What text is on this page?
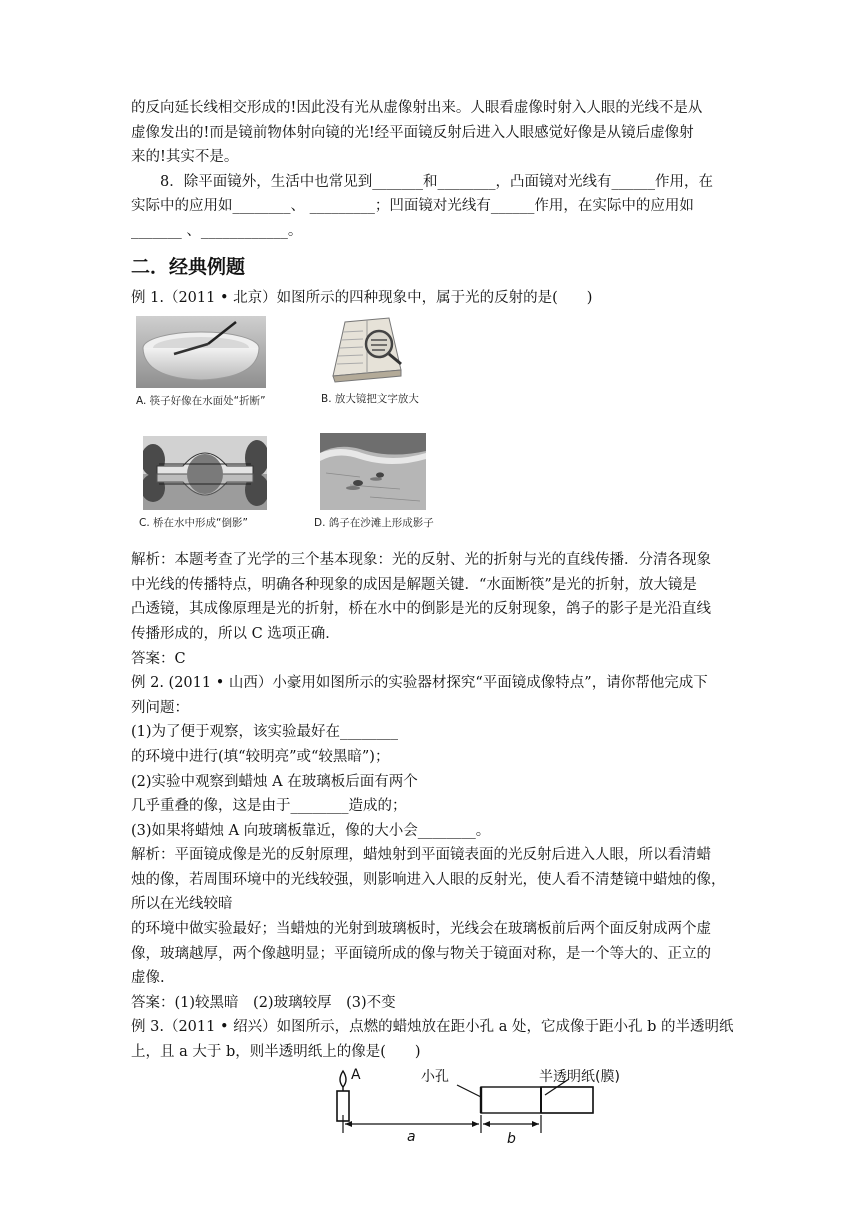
的反向延长线相交形成的!因此没有光从虚像射出来。人眼看虚像时射入人眼的光线不是从

虚像发出的!而是镜前物体射向镜的光!经平面镜反射后进入人眼感觉好像是从镜后虚像射

来的!其实不是。

8．除平面镜外，生活中也常见到_______和________，凸面镜对光线有______作用，在

实际中的应用如________、 _________；凹面镜对光线有______作用，在实际中的应用如

_______ 、____________。

二．经典例题

例 1.（2011 • 北京）如图所示的四种现象中，属于光的反射的是(　　)

A. 筷子好像在水面处“折断”	B. 放大镜把文字放大
C. 桥在水中形成“倒影”	D. 鸽子在沙滩上形成影子

解析：本题考查了光学的三个基本现象：光的反射、光的折射与光的直线传播．分清各现象

中光线的传播特点，明确各种现象的成因是解题关键．“水面断筷”是光的折射，放大镜是

凸透镜，其成像原理是光的折射，桥在水中的倒影是光的反射现象，鸽子的影子是光沿直线

传播形成的，所以 C 选项正确．

答案：C

例 2. (2011 • 山西）小豪用如图所示的实验器材探究“平面镜成像特点”，请你帮他完成下

列问题：

(1)为了便于观察，该实验最好在________

的环境中进行(填“较明亮”或“较黑暗”)；

(2)实验中观察到蜡烛 A 在玻璃板后面有两个

几乎重叠的像，这是由于________造成的；

(3)如果将蜡烛 A 向玻璃板靠近，像的大小会________。

解析：平面镜成像是光的反射原理，蜡烛射到平面镜表面的光反射后进入人眼，所以看清蜡

烛的像，若周围环境中的光线较强，则影响进入人眼的反射光，使人看不清楚镜中蜡烛的像，

所以在光线较暗

的环境中做实验最好；当蜡烛的光射到玻璃板时，光线会在玻璃板前后两个面反射成两个虚

像，玻璃越厚，两个像越明显；平面镜所成的像与物关于镜面对称，是一个等大的、正立的

虚像.

答案：(1)较黑暗　(2)玻璃较厚　(3)不变

例 3.（2011 • 绍兴）如图所示，点燃的蜡烛放在距小孔 a 处，它成像于距小孔 b 的半透明纸

上，且 a 大于 b，则半透明纸上的像是(　　)

A	小孔	半透明纸(膜)
a	b
